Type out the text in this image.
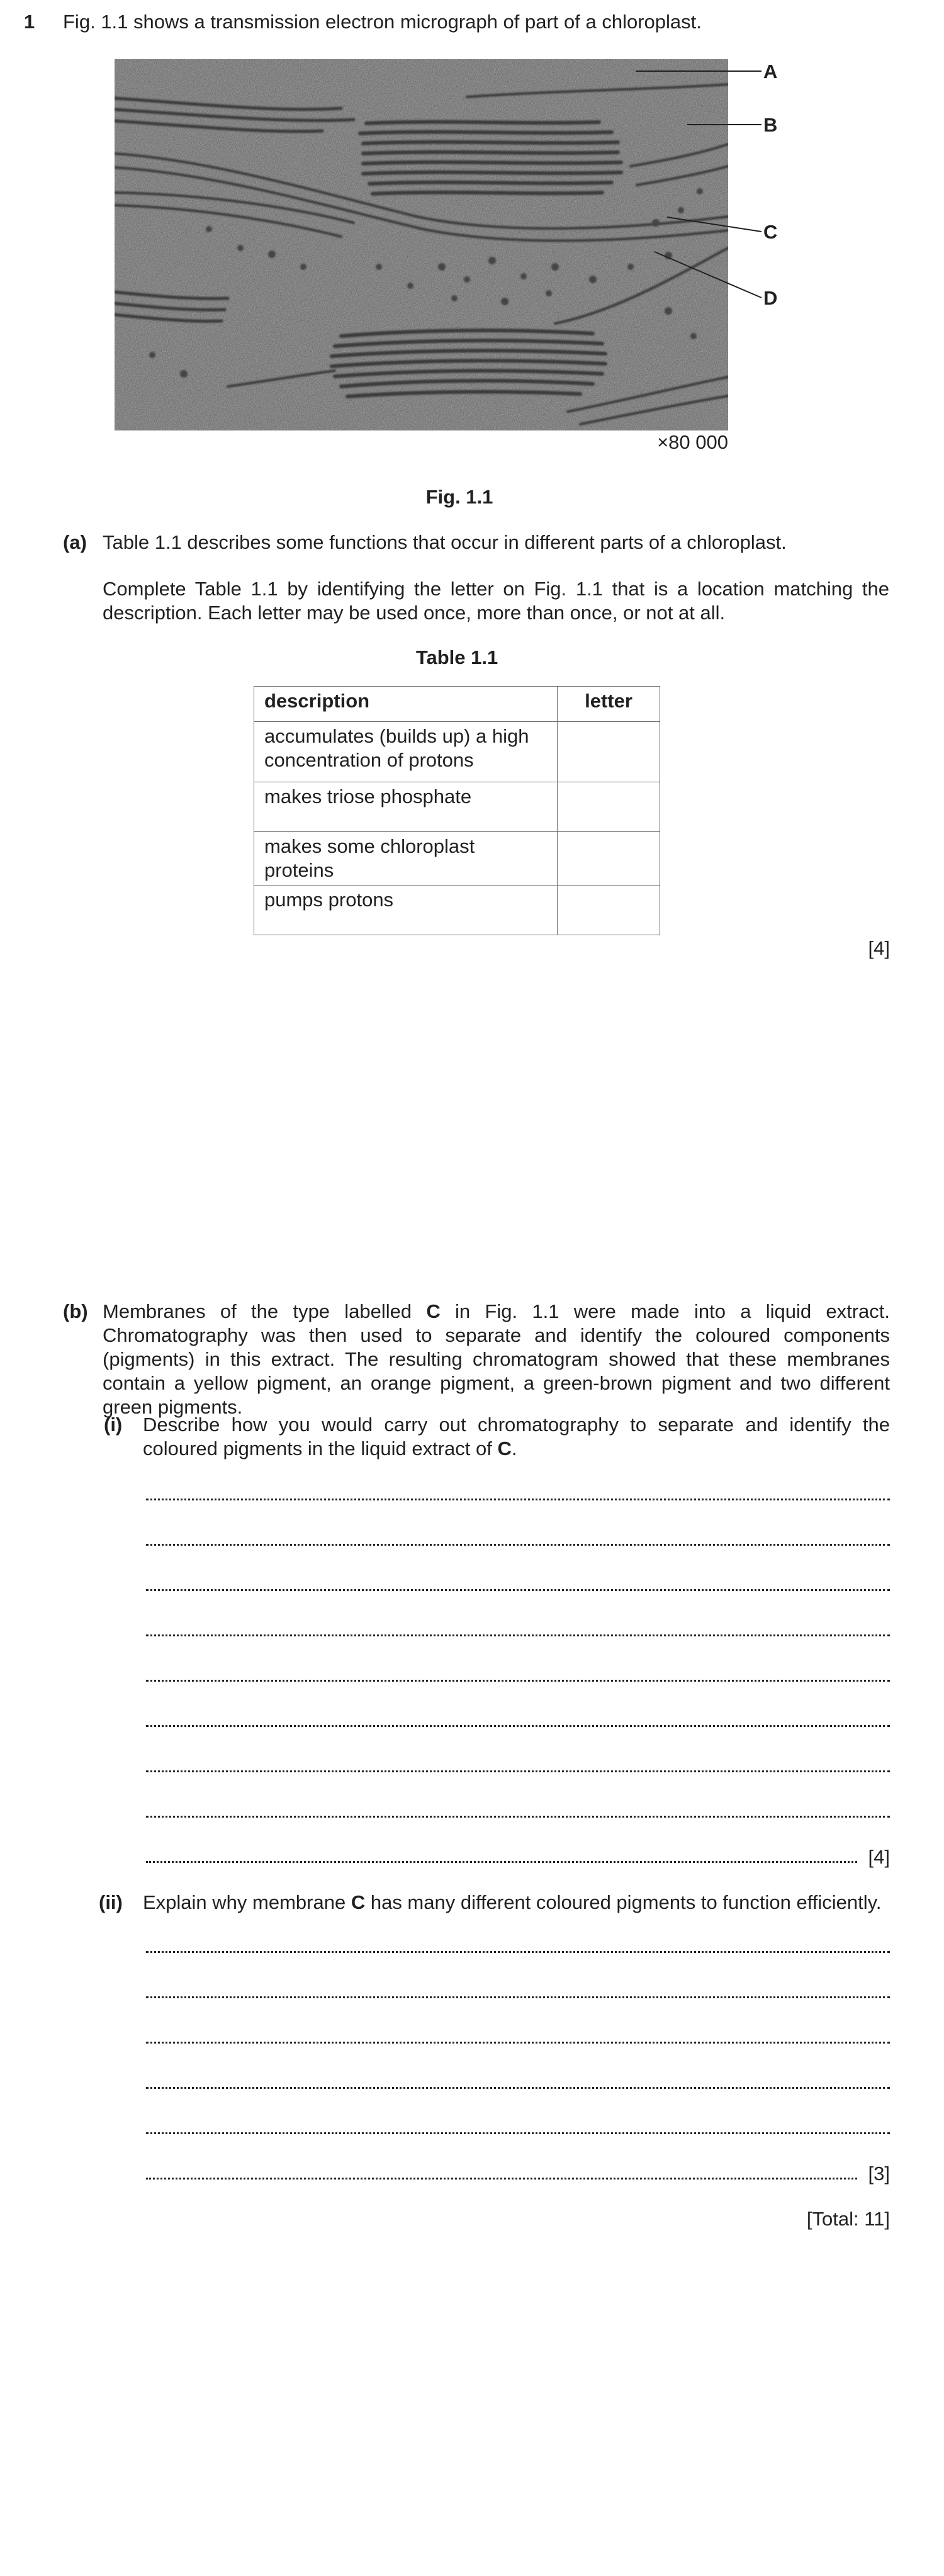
1 Fig. 1.1 shows a transmission electron micrograph of part of a chloroplast.
A
B
C
D
×80 000
Fig. 1.1
(a) Table 1.1 describes some functions that occur in different parts of a chloroplast.
Complete Table 1.1 by identifying the letter on Fig. 1.1 that is a location matching the description. Each letter may be used once, more than once, or not at all.
Table 1.1
description	letter
accumulates (builds up) a high concentration of protons	
makes triose phosphate	
makes some chloroplast proteins	
pumps protons	
[4]
(b) Membranes of the type labelled C in Fig. 1.1 were made into a liquid extract. Chromatography was then used to separate and identify the coloured components (pigments) in this extract. The resulting chromatogram showed that these membranes contain a yellow pigment, an orange pigment, a green-brown pigment and two different green pigments.
(i) Describe how you would carry out chromatography to separate and identify the coloured pigments in the liquid extract of C.
[4]
(ii) Explain why membrane C has many different coloured pigments to function efficiently.
[3]
[Total: 11]
